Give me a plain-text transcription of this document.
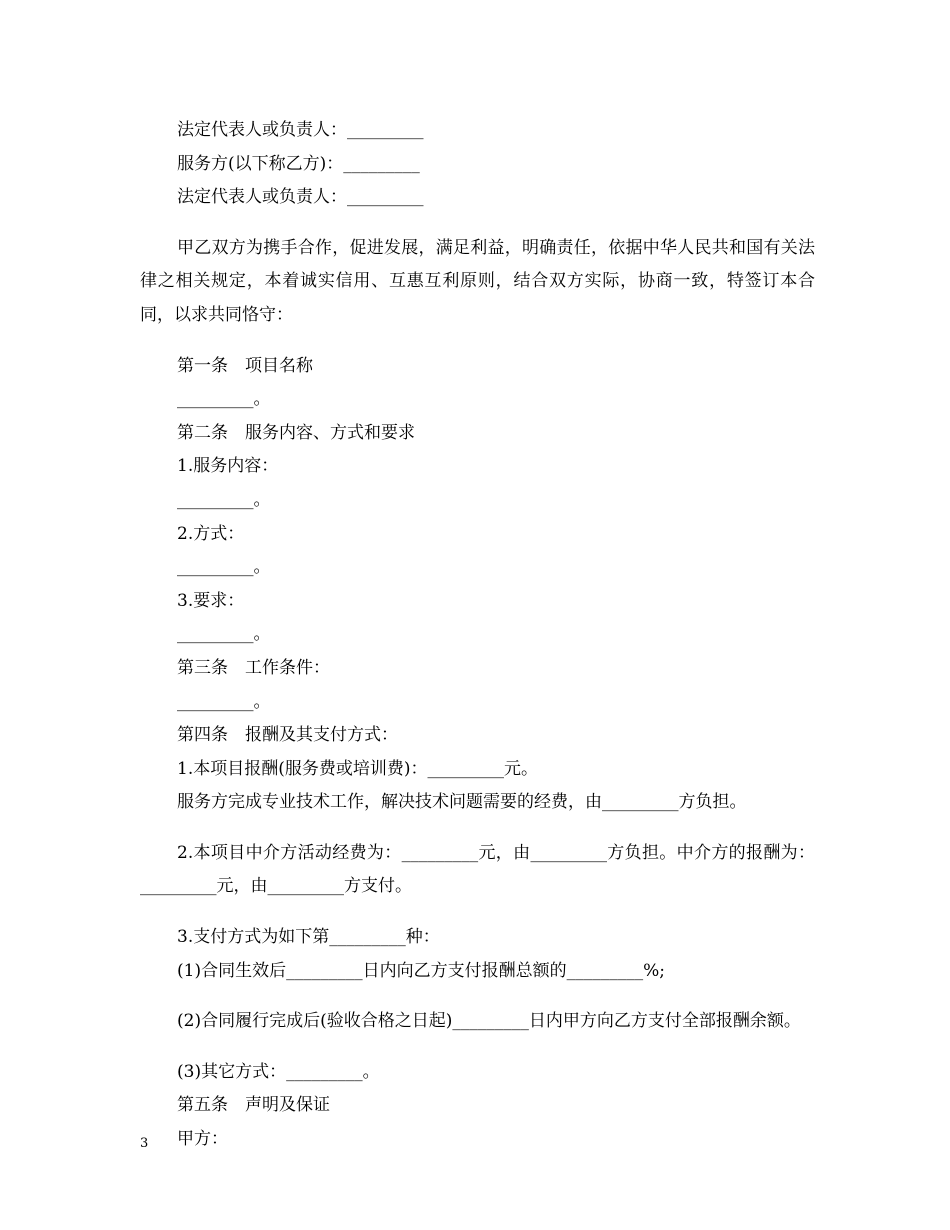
法定代表人或负责人：_________

服务方(以下称乙方)：_________

法定代表人或负责人：_________

甲乙双方为携手合作，促进发展，满足利益，明确责任，依据中华人民共和国有关法律之相关规定，本着诚实信用、互惠互利原则，结合双方实际，协商一致，特签订本合同，以求共同恪守：

第一条　项目名称

_________。

第二条　服务内容、方式和要求

1.服务内容：

_________。

2.方式：

_________。

3.要求：

_________。

第三条　工作条件：

_________。

第四条　报酬及其支付方式：

1.本项目报酬(服务费或培训费)：_________元。

服务方完成专业技术工作，解决技术问题需要的经费，由_________方负担。

2.本项目中介方活动经费为：_________元，由_________方负担。中介方的报酬为：_________元，由_________方支付。

3.支付方式为如下第_________种：

(1)合同生效后_________日内向乙方支付报酬总额的_________%;

(2)合同履行完成后(验收合格之日起)_________日内甲方向乙方支付全部报酬余额。

(3)其它方式：_________。

第五条　声明及保证

甲方：

3
